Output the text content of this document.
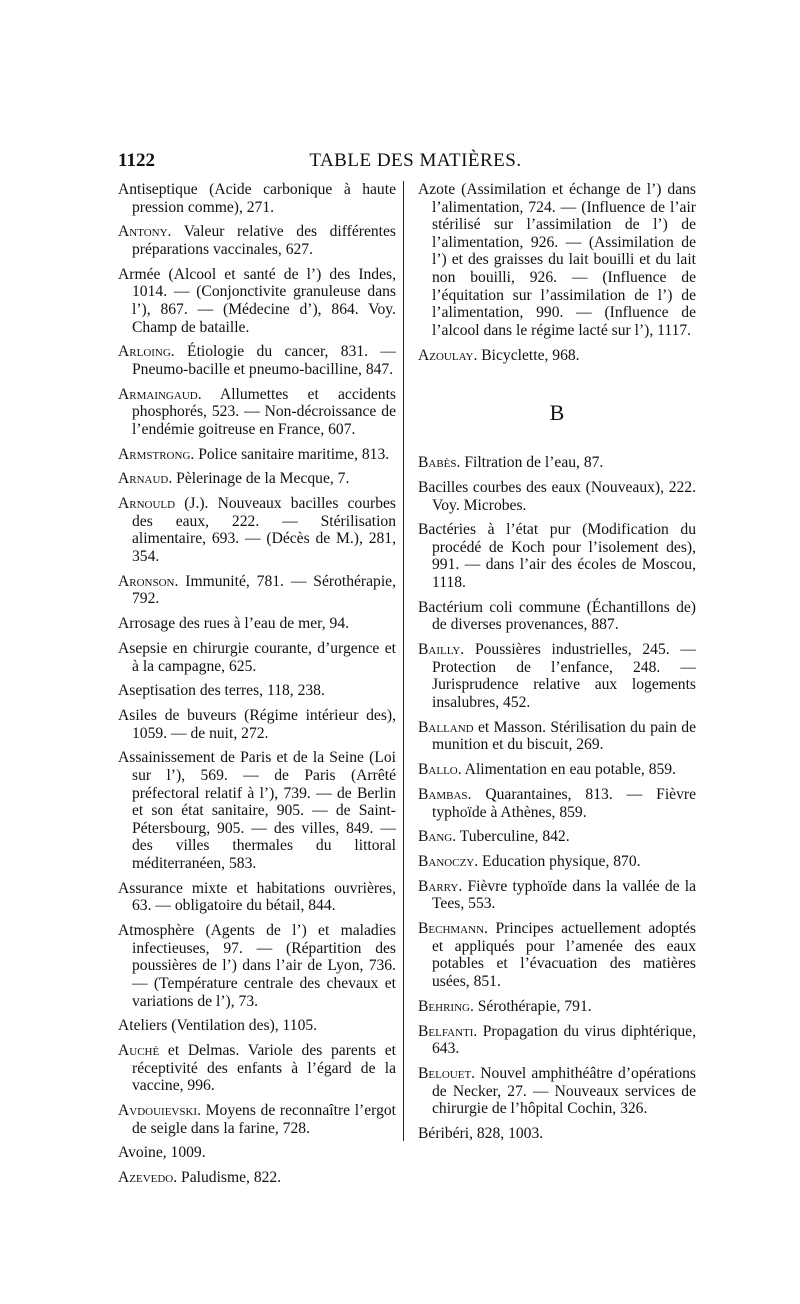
1122	TABLE DES MATIÈRES.

Antiseptique (Acide carbonique à haute pression comme), 271.

Antony. Valeur relative des différentes préparations vaccinales, 627.

Armée (Alcool et santé de l’) des Indes, 1014. — (Conjonctivite granuleuse dans l’), 867. — (Médecine d’), 864. Voy. Champ de bataille.

Arloing. Étiologie du cancer, 831. — Pneumo-bacille et pneumo-bacilline, 847.

Armaingaud. Allumettes et accidents phosphorés, 523. — Non-décroissance de l’endémie goitreuse en France, 607.

Armstrong. Police sanitaire maritime, 813.

Arnaud. Pèlerinage de la Mecque, 7.

Arnould (J.). Nouveaux bacilles courbes des eaux, 222. — Stérilisation alimentaire, 693. — (Décès de M.), 281, 354.

Aronson. Immunité, 781. — Sérothérapie, 792.

Arrosage des rues à l’eau de mer, 94.

Asepsie en chirurgie courante, d’urgence et à la campagne, 625.

Aseptisation des terres, 118, 238.

Asiles de buveurs (Régime intérieur des), 1059. — de nuit, 272.

Assainissement de Paris et de la Seine (Loi sur l’), 569. — de Paris (Arrêté préfectoral relatif à l’), 739. — de Berlin et son état sanitaire, 905. — de Saint-Pétersbourg, 905. — des villes, 849. — des villes thermales du littoral méditerranéen, 583.

Assurance mixte et habitations ouvrières, 63. — obligatoire du bétail, 844.

Atmosphère (Agents de l’) et maladies infectieuses, 97. — (Répartition des poussières de l’) dans l’air de Lyon, 736. — (Température centrale des chevaux et variations de l’), 73.

Ateliers (Ventilation des), 1105.

Auché et Delmas. Variole des parents et réceptivité des enfants à l’égard de la vaccine, 996.

Avdouievski. Moyens de reconnaître l’ergot de seigle dans la farine, 728.

Avoine, 1009.

Azevedo. Paludisme, 822.

Azote (Assimilation et échange de l’) dans l’alimentation, 724. — (Influence de l’air stérilisé sur l’assimilation de l’) de l’alimentation, 926. — (Assimilation de l’) et des graisses du lait bouilli et du lait non bouilli, 926. — (Influence de l’équitation sur l’assimilation de l’) de l’alimentation, 990. — (Influence de l’alcool dans le régime lacté sur l’), 1117.

Azoulay. Bicyclette, 968.

B

Babès. Filtration de l’eau, 87.

Bacilles courbes des eaux (Nouveaux), 222. Voy. Microbes.

Bactéries à l’état pur (Modification du procédé de Koch pour l’isolement des), 991. — dans l’air des écoles de Moscou, 1118.

Bactérium coli commune (Échantillons de) de diverses provenances, 887.

Bailly. Poussières industrielles, 245. — Protection de l’enfance, 248. — Jurisprudence relative aux logements insalubres, 452.

Balland et Masson. Stérilisation du pain de munition et du biscuit, 269.

Ballo. Alimentation en eau potable, 859.

Bambas. Quarantaines, 813. — Fièvre typhoïde à Athènes, 859.

Bang. Tuberculine, 842.

Banoczy. Education physique, 870.

Barry. Fièvre typhoïde dans la vallée de la Tees, 553.

Bechmann. Principes actuellement adoptés et appliqués pour l’amenée des eaux potables et l’évacuation des matières usées, 851.

Behring. Sérothérapie, 791.

Belfanti. Propagation du virus diphtérique, 643.

Belouet. Nouvel amphithéâtre d’opérations de Necker, 27. — Nouveaux services de chirurgie de l’hôpital Cochin, 326.

Béribéri, 828, 1003.
